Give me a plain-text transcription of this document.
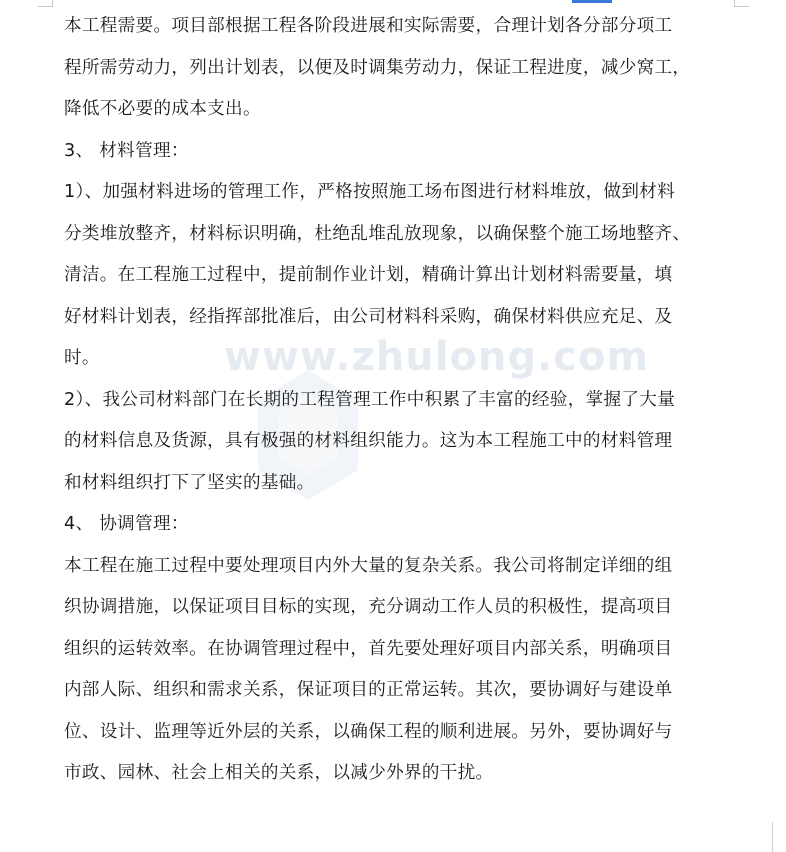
www.zhulong.com
本工程需要。项目部根据工程各阶段进展和实际需要，合理计划各分部分项工
程所需劳动力，列出计划表，以便及时调集劳动力，保证工程进度，减少窝工，
降低不必要的成本支出。
3、 材料管理：
1）、加强材料进场的管理工作，严格按照施工场布图进行材料堆放，做到材料
分类堆放整齐，材料标识明确，杜绝乱堆乱放现象，以确保整个施工场地整齐、
清洁。在工程施工过程中，提前制作业计划，精确计算出计划材料需要量，填
好材料计划表，经指挥部批准后，由公司材料科采购，确保材料供应充足、及
时。
2）、我公司材料部门在长期的工程管理工作中积累了丰富的经验，掌握了大量
的材料信息及货源，具有极强的材料组织能力。这为本工程施工中的材料管理
和材料组织打下了坚实的基础。
4、 协调管理：
本工程在施工过程中要处理项目内外大量的复杂关系。我公司将制定详细的组
织协调措施，以保证项目目标的实现，充分调动工作人员的积极性，提高项目
组织的运转效率。在协调管理过程中，首先要处理好项目内部关系，明确项目
内部人际、组织和需求关系，保证项目的正常运转。其次，要协调好与建设单
位、设计、监理等近外层的关系，以确保工程的顺利进展。另外，要协调好与
市政、园林、社会上相关的关系，以减少外界的干扰。
